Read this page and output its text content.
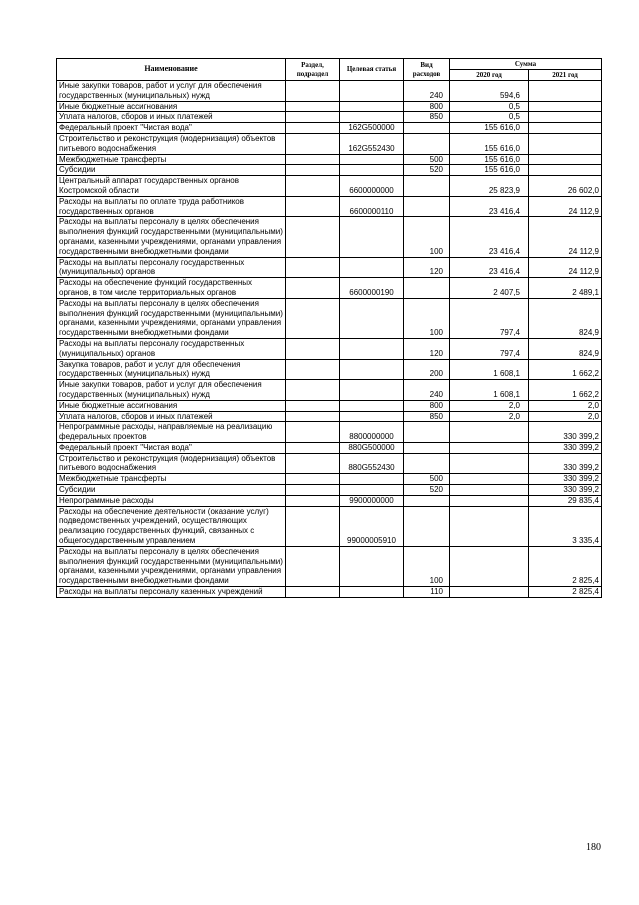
Наименование	Раздел, подраздел	Целевая статья	Вид расходов	Сумма	
				2020 год	2021 год
Иные закупки товаров, работ и услуг для обеспечения государственных (муниципальных) нужд			240	594,6	
Иные бюджетные ассигнования			800	0,5	
Уплата налогов, сборов и иных платежей			850	0,5	
Федеральный проект "Чистая вода"		162G500000		155 616,0	
Строительство и реконструкция (модернизация) объектов питьевого водоснабжения		162G552430		155 616,0	
Межбюджетные трансферты			500	155 616,0	
Субсидии			520	155 616,0	
Центральный аппарат государственных органов Костромской области		6600000000		25 823,9	26 602,0
Расходы на выплаты по оплате труда работников государственных органов		6600000110		23 416,4	24 112,9
Расходы на выплаты персоналу в целях обеспечения выполнения функций государственными (муниципальными) органами, казенными учреждениями, органами управления государственными внебюджетными фондами			100	23 416,4	24 112,9
Расходы на выплаты персоналу государственных (муниципальных) органов			120	23 416,4	24 112,9
Расходы на обеспечение функций государственных органов, в том числе территориальных органов		6600000190		2 407,5	2 489,1
Расходы на выплаты персоналу в целях обеспечения выполнения функций государственными (муниципальными) органами, казенными учреждениями, органами управления государственными внебюджетными фондами			100	797,4	824,9
Расходы на выплаты персоналу государственных (муниципальных) органов			120	797,4	824,9
Закупка товаров, работ и услуг для обеспечения государственных (муниципальных) нужд			200	1 608,1	1 662,2
Иные закупки товаров, работ и услуг для обеспечения государственных (муниципальных) нужд			240	1 608,1	1 662,2
Иные бюджетные ассигнования			800	2,0	2,0
Уплата налогов, сборов и иных платежей			850	2,0	2,0
Непрограммные расходы, направляемые на реализацию федеральных проектов		8800000000			330 399,2
Федеральный проект "Чистая вода"		880G500000			330 399,2
Строительство и реконструкция (модернизация) объектов питьевого водоснабжения		880G552430			330 399,2
Межбюджетные трансферты			500		330 399,2
Субсидии			520		330 399,2
Непрограммные расходы		9900000000			29 835,4
Расходы на обеспечение деятельности (оказание услуг) подведомственных учреждений, осуществляющих реализацию государственных функций, связанных с общегосударственным управлением		99000005910			3 335,4
Расходы на выплаты персоналу в целях обеспечения выполнения функций государственными (муниципальными) органами, казенными учреждениями, органами управления государственными внебюджетными фондами			100		2 825,4
Расходы на выплаты персоналу казенных учреждений			110		2 825,4
180
